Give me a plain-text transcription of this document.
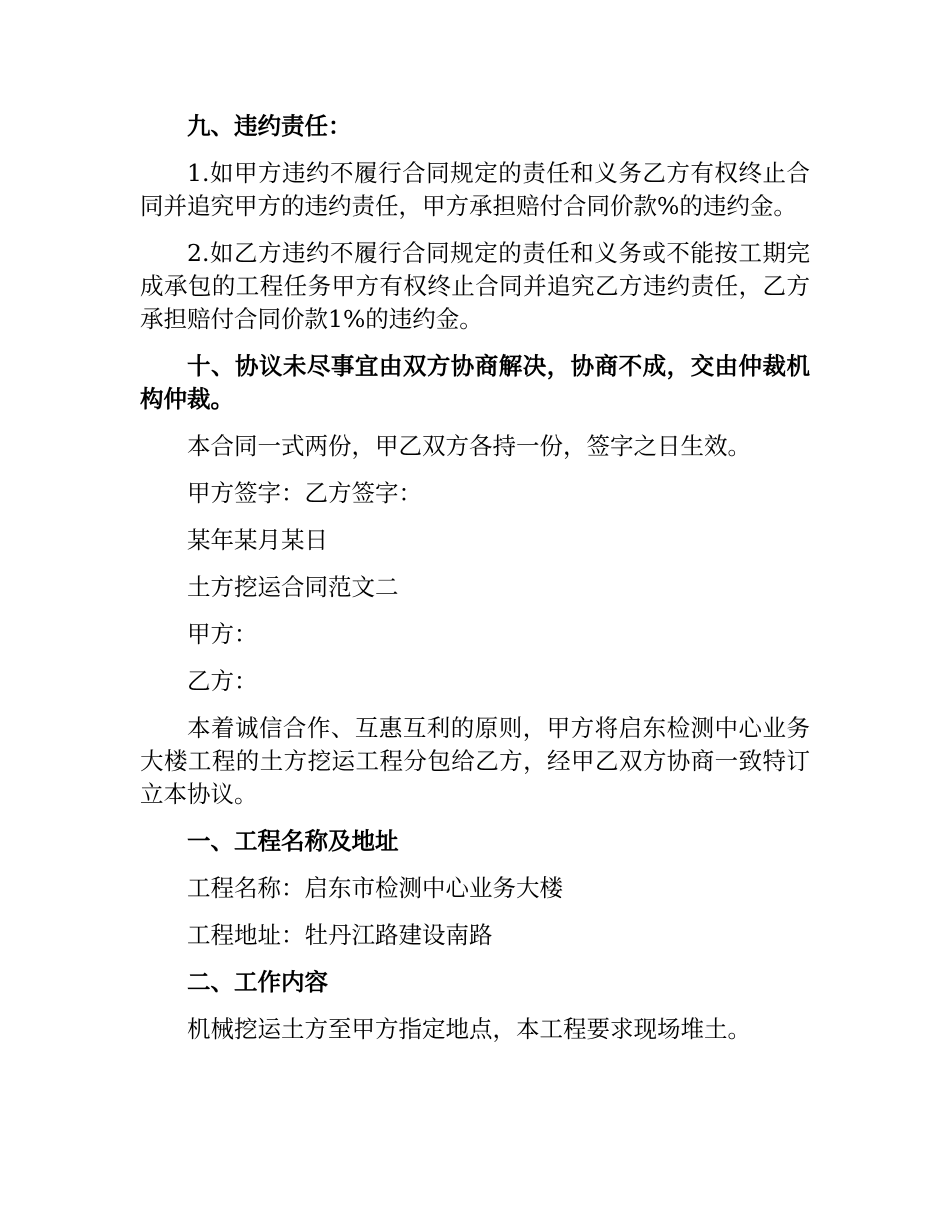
九、违约责任：

1.如甲方违约不履行合同规定的责任和义务乙方有权终止合同并追究甲方的违约责任，甲方承担赔付合同价款%的违约金。

2.如乙方违约不履行合同规定的责任和义务或不能按工期完成承包的工程任务甲方有权终止合同并追究乙方违约责任，乙方承担赔付合同价款1%的违约金。

十、协议未尽事宜由双方协商解决，协商不成，交由仲裁机构仲裁。

本合同一式两份，甲乙双方各持一份，签字之日生效。

甲方签字：乙方签字：

某年某月某日

土方挖运合同范文二

甲方：

乙方：

本着诚信合作、互惠互利的原则，甲方将启东检测中心业务大楼工程的土方挖运工程分包给乙方，经甲乙双方协商一致特订立本协议。

一、工程名称及地址

工程名称：启东市检测中心业务大楼

工程地址：牡丹江路建设南路

二、工作内容

机械挖运土方至甲方指定地点，本工程要求现场堆土。
